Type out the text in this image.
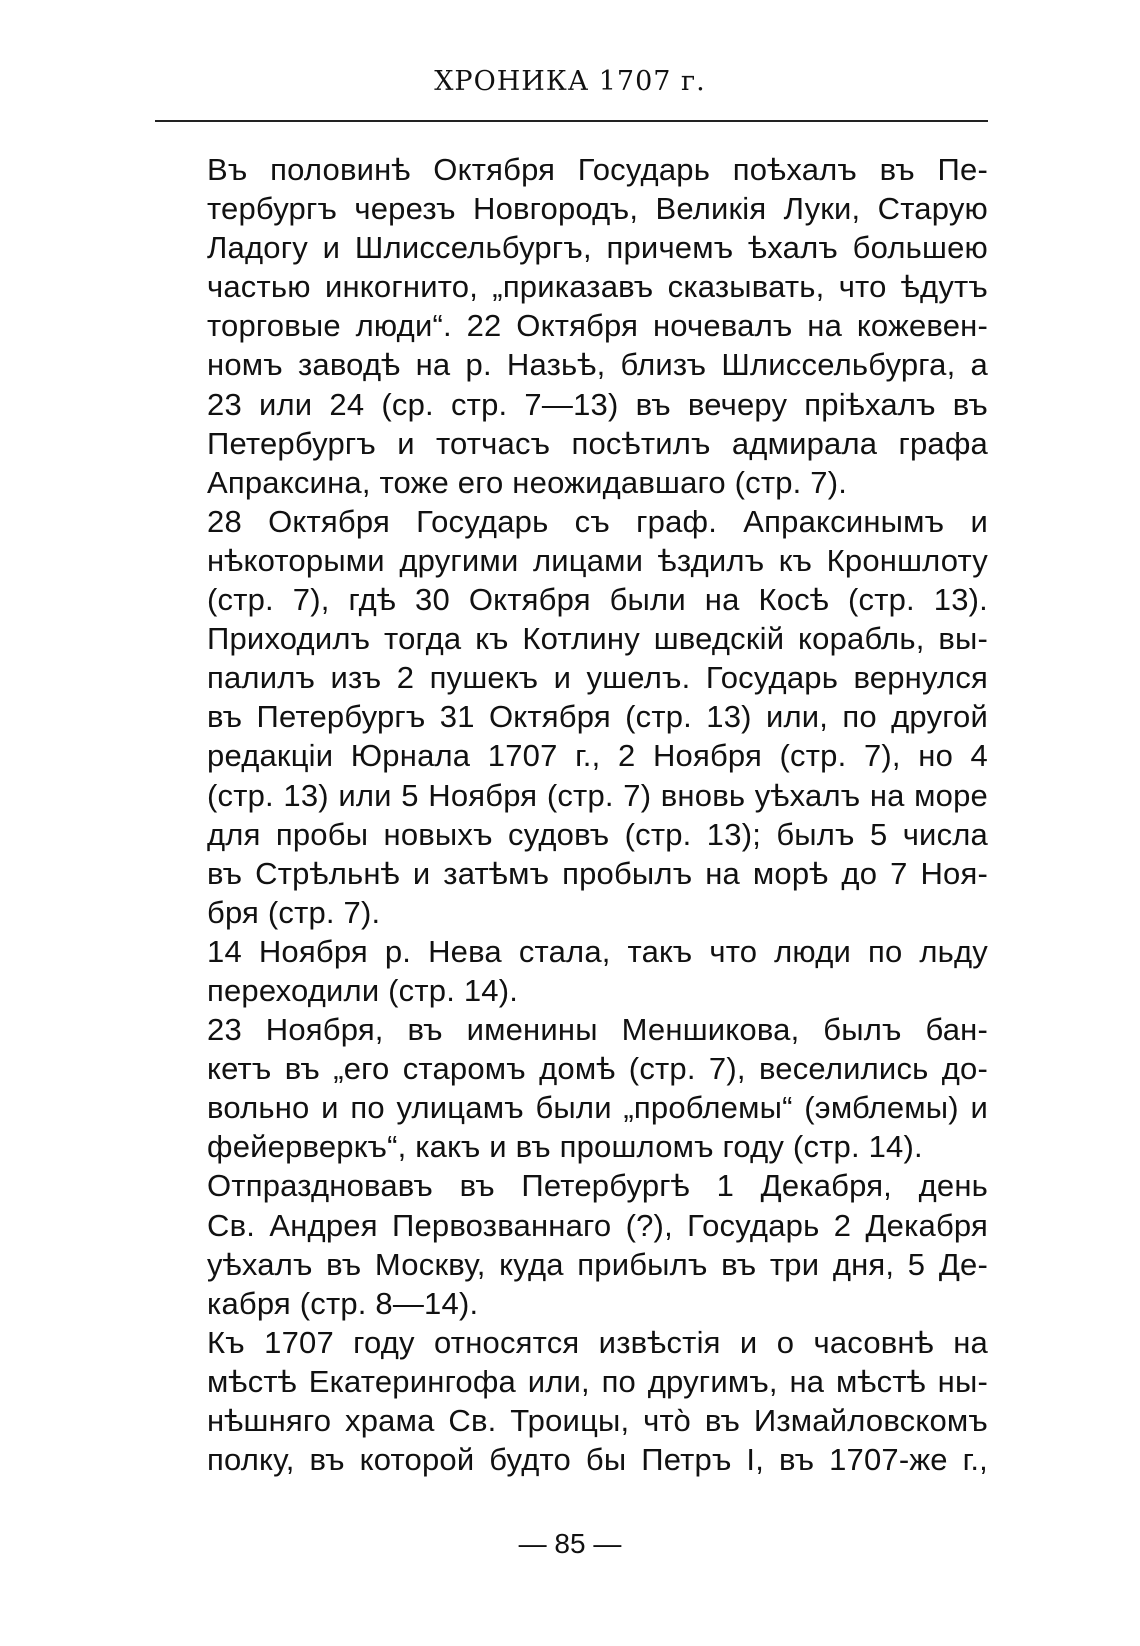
ХРОНИКА 1707 г.

Въ половинѣ Октября Государь поѣхалъ въ Пе-
тербургъ черезъ Новгородъ, Великія Луки, Старую
Ладогу и Шлиссельбургъ, причемъ ѣхалъ большею
частью инкогнито, „приказавъ сказывать, что ѣдутъ
торговые люди“. 22 Октября ночевалъ на кожевен-
номъ заводѣ на р. Назьѣ, близъ Шлиссельбурга, а
23 или 24 (ср. стр. 7—13) въ вечеру пріѣхалъ въ
Петербургъ и тотчасъ посѣтилъ адмирала графа
Апраксина, тоже его неожидавшаго (стр. 7).

28 Октября Государь съ граф. Апраксинымъ и
нѣкоторыми другими лицами ѣздилъ къ Кроншлоту
(стр. 7), гдѣ 30 Октября были на Косѣ (стр. 13).
Приходилъ тогда къ Котлину шведскій корабль, вы-
палилъ изъ 2 пушекъ и ушелъ. Государь вернулся
въ Петербургъ 31 Октября (стр. 13) или, по другой
редакціи Юрнала 1707 г., 2 Ноября (стр. 7), но 4
(стр. 13) или 5 Ноября (стр. 7) вновь уѣхалъ на море
для пробы новыхъ судовъ (стр. 13); былъ 5 числа
въ Стрѣльнѣ и затѣмъ пробылъ на морѣ до 7 Ноя-
бря (стр. 7).

14 Ноября р. Нева стала, такъ что люди по льду
переходили (стр. 14).

23 Ноября, въ именины Меншикова, былъ бан-
кетъ въ „его старомъ домѣ (стр. 7), веселились до-
вольно и по улицамъ были „проблемы“ (эмблемы) и
фейерверкъ“, какъ и въ прошломъ году (стр. 14).

Отпраздновавъ въ Петербургѣ 1 Декабря, день
Св. Андрея Первозваннаго (?), Государь 2 Декабря
уѣхалъ въ Москву, куда прибылъ въ три дня, 5 Де-
кабря (стр. 8—14).

Къ 1707 году относятся извѣстія и о часовнѣ на
мѣстѣ Екатерингофа или, по другимъ, на мѣстѣ ны-
нѣшняго храма Св. Троицы, что̀ въ Измайловскомъ
полку, въ которой будто бы Петръ I, въ 1707-же г.,

— 85 —
